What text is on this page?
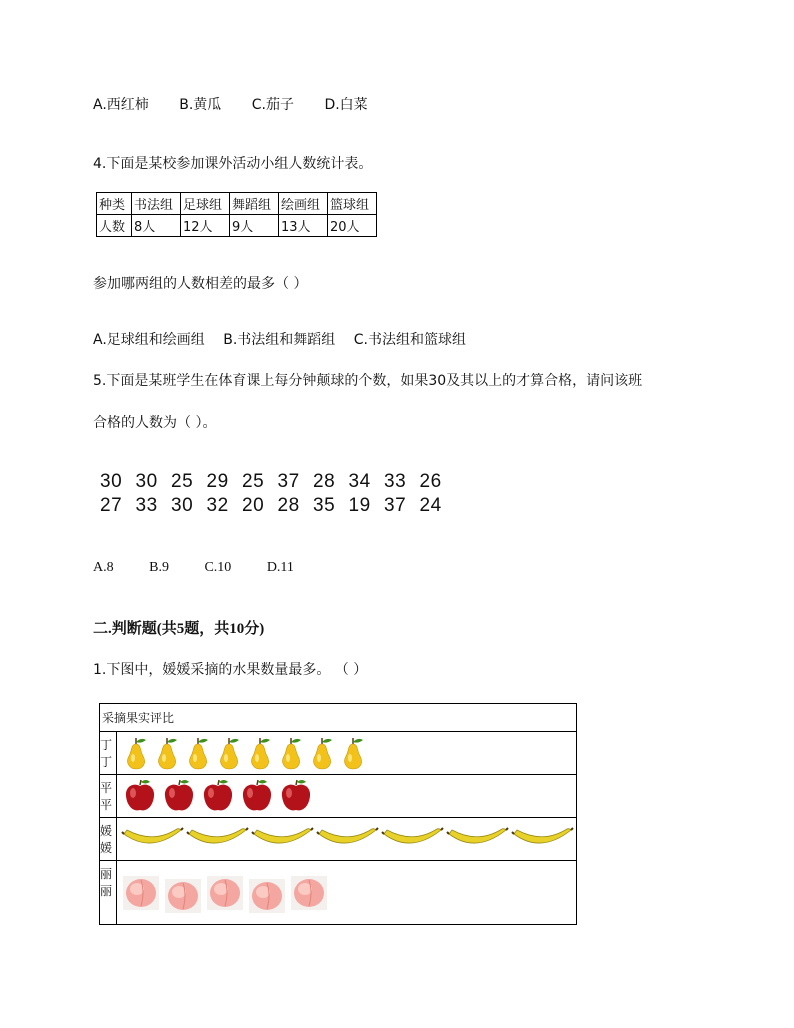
A.西红柿 B.黄瓜 C.茄子 D.白菜
4.下面是某校参加课外活动小组人数统计表。
种类	书法组	足球组	舞蹈组	绘画组	篮球组
人数	8人	12人	9人	13人	20人
参加哪两组的人数相差的最多（ ）
A.足球组和绘画组 B.书法组和舞蹈组 C.书法组和篮球组
5.下面是某班学生在体育课上每分钟颠球的个数，如果30及其以上的才算合格，请问该班
合格的人数为（ ）。
30 30 25 29 25 37 28 34 33 26
27 33 30 32 20 28 35 19 37 24
A.8	B.9	C.10	D.11
二.判断题(共5题，共10分)
1.下图中，媛媛采摘的水果数量最多。 （ ）
采摘果实评比	
丁丁	

平平	

媛媛	

丽丽	
